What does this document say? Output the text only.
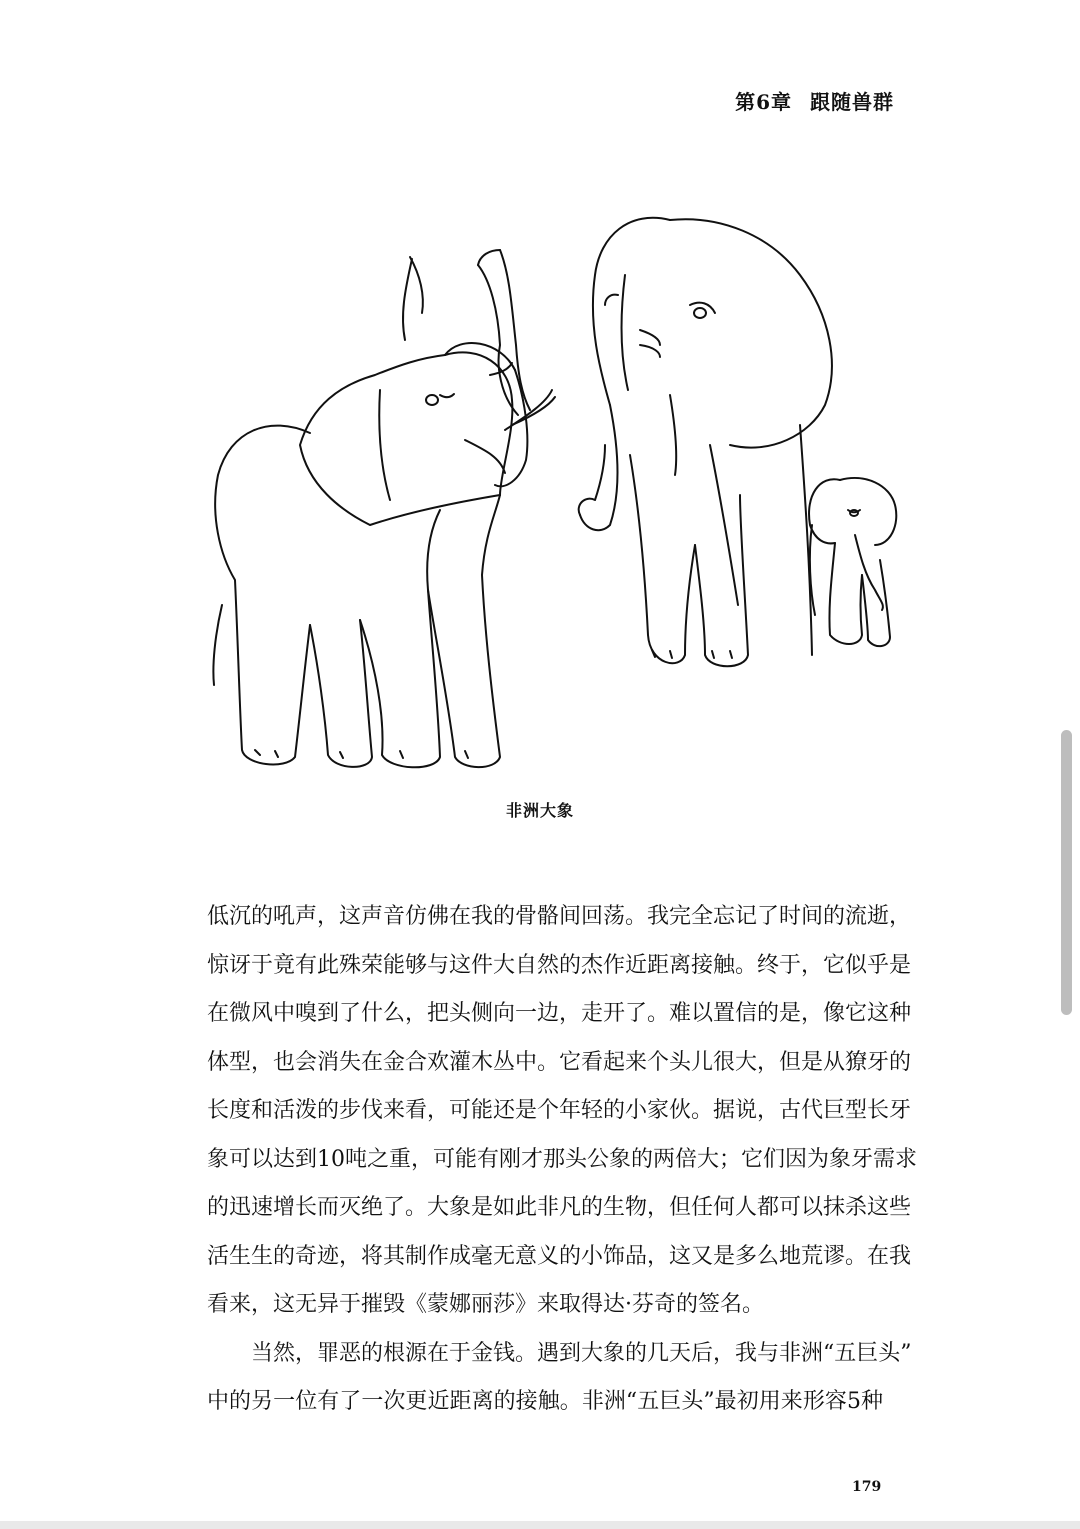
第6章 跟随兽群
非洲大象
低沉的吼声，这声音仿佛在我的骨骼间回荡。我完全忘记了时间的流逝，
惊讶于竟有此殊荣能够与这件大自然的杰作近距离接触。终于，它似乎是
在微风中嗅到了什么，把头侧向一边，走开了。难以置信的是，像它这种
体型，也会消失在金合欢灌木丛中。它看起来个头儿很大，但是从獠牙的
长度和活泼的步伐来看，可能还是个年轻的小家伙。据说，古代巨型长牙
象可以达到10吨之重，可能有刚才那头公象的两倍大；它们因为象牙需求
的迅速增长而灭绝了。大象是如此非凡的生物，但任何人都可以抹杀这些
活生生的奇迹，将其制作成毫无意义的小饰品，这又是多么地荒谬。在我
看来，这无异于摧毁《蒙娜丽莎》来取得达·芬奇的签名。
当然，罪恶的根源在于金钱。遇到大象的几天后，我与非洲“五巨头”
中的另一位有了一次更近距离的接触。非洲“五巨头”最初用来形容5种
179
